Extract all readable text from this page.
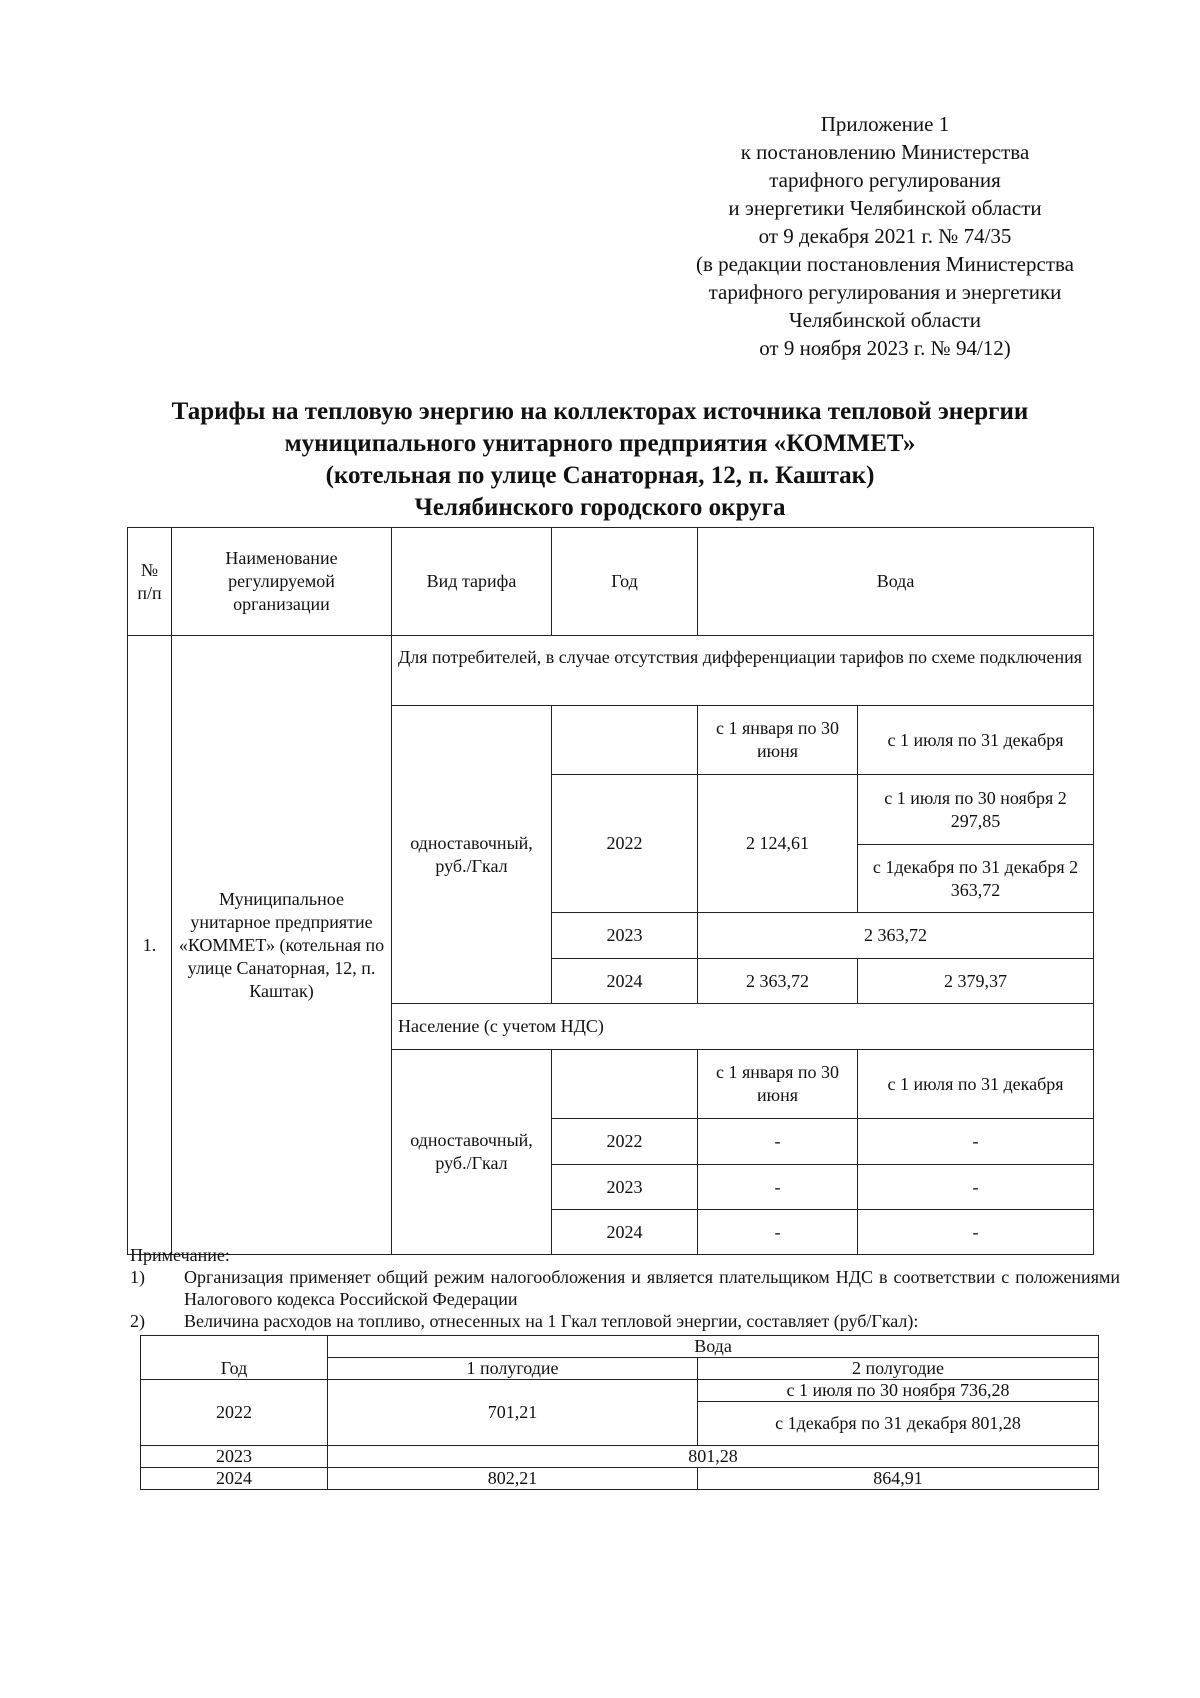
Приложение 1
к постановлению Министерства
тарифного регулирования
и энергетики Челябинской области
от 9 декабря 2021 г. № 74/35
(в редакции постановления Министерства
тарифного регулирования и энергетики
Челябинской области
от 9 ноября 2023 г. № 94/12)
Тарифы на тепловую энергию на коллекторах источника тепловой энергии
муниципального унитарного предприятия «КОММЕТ»
(котельная по улице Санаторная, 12, п. Каштак)
Челябинского городского округа
№ п/п	Наименование регулируемой организации	Вид тарифа	Год	Вода	
1.	Муниципальное унитарное предприятие «КОММЕТ» (котельная по улице Санаторная, 12, п. Каштак)	Для потребителей, в случае отсутствия дифференциации тарифов по схеме подключения			
		одноставочный, руб./Гкал		с 1 января по 30 июня	с 1 июля по 31 декабря
			2022	2 124,61	с 1 июля по 30 ноября 2 297,85
					с 1декабря по 31 декабря 2 363,72
			2023	2 363,72	
			2024	2 363,72	2 379,37
		Население (с учетом НДС)			
		одноставочный, руб./Гкал		с 1 января по 30 июня	с 1 июля по 31 декабря
			2022	-	-
			2023	-	-
			2024	-	-
Примечание:
1)	Организация применяет общий режим налогообложения и является плательщиком НДС в соответствии с положениями Налогового кодекса Российской Федерации
2)	Величина расходов на топливо, отнесенных на 1 Гкал тепловой энергии, составляет (руб/Гкал):
Год	Вода	
	1 полугодие	2 полугодие
2022	701,21	с 1 июля по 30 ноября 736,28
		с 1декабря по 31 декабря 801,28
2023	801,28	
2024	802,21	864,91
